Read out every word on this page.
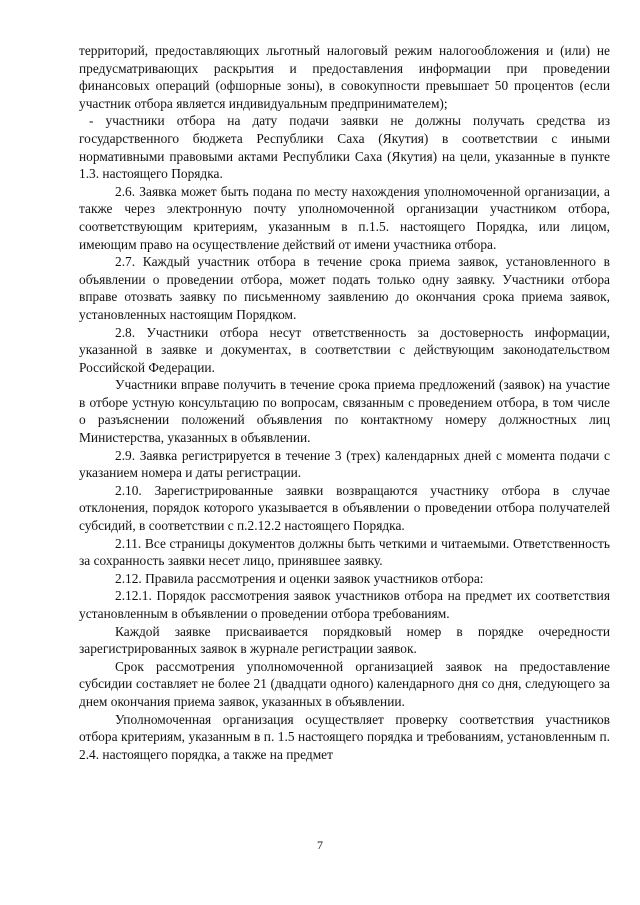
территорий, предоставляющих льготный налоговый режим налогообложения и (или) не предусматривающих раскрытия и предоставления информации при проведении финансовых операций (офшорные зоны), в совокупности превышает 50 процентов (если участник отбора является индивидуальным предпринимателем);

- участники отбора на дату подачи заявки не должны получать средства из государственного бюджета Республики Саха (Якутия) в соответствии с иными нормативными правовыми актами Республики Саха (Якутия) на цели, указанные в пункте 1.3. настоящего Порядка.

2.6. Заявка может быть подана по месту нахождения уполномоченной организации, а также через электронную почту уполномоченной организации участником отбора, соответствующим критериям, указанным в п.1.5. настоящего Порядка, или лицом, имеющим право на осуществление действий от имени участника отбора.

2.7. Каждый участник отбора в течение срока приема заявок, установленного в объявлении о проведении отбора, может подать только одну заявку. Участники отбора вправе отозвать заявку по письменному заявлению до окончания срока приема заявок, установленных настоящим Порядком.

2.8. Участники отбора несут ответственность за достоверность информации, указанной в заявке и документах, в соответствии с действующим законодательством Российской Федерации.

Участники вправе получить в течение срока приема предложений (заявок) на участие в отборе устную консультацию по вопросам, связанным с проведением отбора, в том числе о разъяснении положений объявления по контактному номеру должностных лиц Министерства, указанных в объявлении.

2.9. Заявка регистрируется в течение 3 (трех) календарных дней с момента подачи с указанием номера и даты регистрации.

2.10. Зарегистрированные заявки возвращаются участнику отбора в случае отклонения, порядок которого указывается в объявлении о проведении отбора получателей субсидий, в соответствии с п.2.12.2 настоящего Порядка.

2.11. Все страницы документов должны быть четкими и читаемыми. Ответственность за сохранность заявки несет лицо, принявшее заявку.

2.12. Правила рассмотрения и оценки заявок участников отбора:

2.12.1. Порядок рассмотрения заявок участников отбора на предмет их соответствия установленным в объявлении о проведении отбора требованиям.

Каждой заявке присваивается порядковый номер в порядке очередности зарегистрированных заявок в журнале регистрации заявок.

Срок рассмотрения уполномоченной организацией заявок на предоставление субсидии составляет не более 21 (двадцати одного) календарного дня со дня, следующего за днем окончания приема заявок, указанных в объявлении.

Уполномоченная организация осуществляет проверку соответствия участников отбора критериям, указанным в п. 1.5 настоящего порядка и требованиям, установленным п. 2.4. настоящего порядка, а также на предмет

7
